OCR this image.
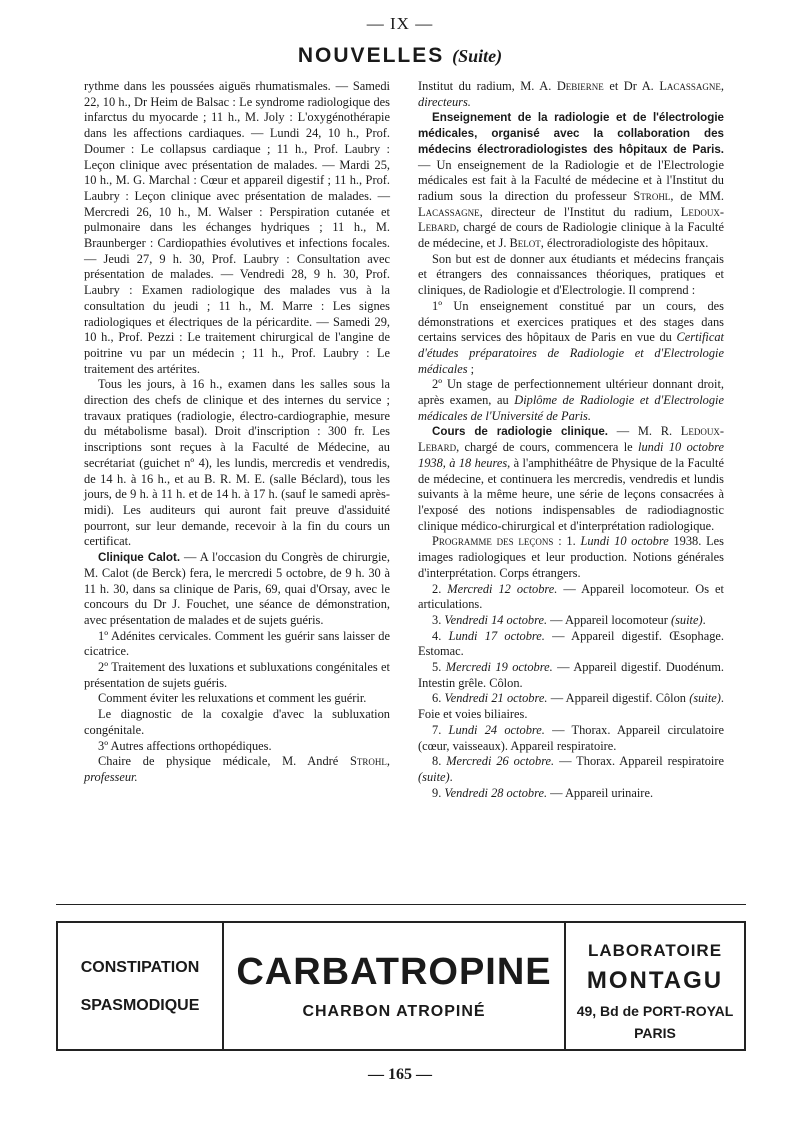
— IX —
NOUVELLES (Suite)

rythme dans les poussées aiguës rhumatismales. — Samedi 22, 10 h., Dr Heim de Balsac : Le syndrome radiologique des infarctus du myocarde ; 11 h., M. Joly : L'oxygénothérapie dans les affections cardiaques. — Lundi 24, 10 h., Prof. Doumer : Le collapsus cardiaque ; 11 h., Prof. Laubry : Leçon clinique avec présentation de malades. — Mardi 25, 10 h., M. G. Marchal : Cœur et appareil digestif ; 11 h., Prof. Laubry : Leçon clinique avec présentation de malades. — Mercredi 26, 10 h., M. Walser : Perspiration cutanée et pulmonaire dans les échanges hydriques ; 11 h., M. Braunberger : Cardiopathies évolutives et infections focales. — Jeudi 27, 9 h. 30, Prof. Laubry : Consultation avec présentation de malades. — Vendredi 28, 9 h. 30, Prof. Laubry : Examen radiologique des malades vus à la consultation du jeudi ; 11 h., M. Marre : Les signes radiologiques et électriques de la péricardite. — Samedi 29, 10 h., Prof. Pezzi : Le traitement chirurgical de l'angine de poitrine vu par un médecin ; 11 h., Prof. Laubry : Le traitement des artérites.

Tous les jours, à 16 h., examen dans les salles sous la direction des chefs de clinique et des internes du service ; travaux pratiques (radiologie, électro-cardiographie, mesure du métabolisme basal). Droit d'inscription : 300 fr. Les inscriptions sont reçues à la Faculté de Médecine, au secrétariat (guichet nº 4), les lundis, mercredis et vendredis, de 14 h. à 16 h., et au B. R. M. E. (salle Béclard), tous les jours, de 9 h. à 11 h. et de 14 h. à 17 h. (sauf le samedi après-midi). Les auditeurs qui auront fait preuve d'assiduité pourront, sur leur demande, recevoir à la fin du cours un certificat.

Clinique Calot. — A l'occasion du Congrès de chirurgie, M. Calot (de Berck) fera, le mercredi 5 octobre, de 9 h. 30 à 11 h. 30, dans sa clinique de Paris, 69, quai d'Orsay, avec le concours du Dr J. Fouchet, une séance de démonstration, avec présentation de malades et de sujets guéris.

1º Adénites cervicales. Comment les guérir sans laisser de cicatrice.

2º Traitement des luxations et subluxations congénitales et présentation de sujets guéris.

Comment éviter les reluxations et comment les guérir.

Le diagnostic de la coxalgie d'avec la subluxation congénitale.

3º Autres affections orthopédiques.

Chaire de physique médicale, M. André Strohl, professeur.

Institut du radium, M. A. Debierne et Dr A. Lacassagne, directeurs.

Enseignement de la radiologie et de l'électrologie médicales, organisé avec la collaboration des médecins électroradiologistes des hôpitaux de Paris. — Un enseignement de la Radiologie et de l'Electrologie médicales est fait à la Faculté de médecine et à l'Institut du radium sous la direction du professeur Strohl, de MM. Lacassagne, directeur de l'Institut du radium, Ledoux-Lebard, chargé de cours de Radiologie clinique à la Faculté de médecine, et J. Belot, électroradiologiste des hôpitaux.

Son but est de donner aux étudiants et médecins français et étrangers des connaissances théoriques, pratiques et cliniques, de Radiologie et d'Electrologie. Il comprend :

1º Un enseignement constitué par un cours, des démonstrations et exercices pratiques et des stages dans certains services des hôpitaux de Paris en vue du Certificat d'études préparatoires de Radiologie et d'Electrologie médicales ;

2º Un stage de perfectionnement ultérieur donnant droit, après examen, au Diplôme de Radiologie et d'Electrologie médicales de l'Université de Paris.

Cours de radiologie clinique. — M. R. Ledoux-Lebard, chargé de cours, commencera le lundi 10 octobre 1938, à 18 heures, à l'amphithéâtre de Physique de la Faculté de médecine, et continuera les mercredis, vendredis et lundis suivants à la même heure, une série de leçons consacrées à l'exposé des notions indispensables de radiodiagnostic clinique médico-chirurgical et d'interprétation radiologique.

Programme des leçons : 1. Lundi 10 octobre 1938. Les images radiologiques et leur production. Notions générales d'interprétation. Corps étrangers.

2. Mercredi 12 octobre. — Appareil locomoteur. Os et articulations.

3. Vendredi 14 octobre. — Appareil locomoteur (suite).

4. Lundi 17 octobre. — Appareil digestif. Œsophage. Estomac.

5. Mercredi 19 octobre. — Appareil digestif. Duodénum. Intestin grêle. Côlon.

6. Vendredi 21 octobre. — Appareil digestif. Côlon (suite). Foie et voies biliaires.

7. Lundi 24 octobre. — Thorax. Appareil circulatoire (cœur, vaisseaux). Appareil respiratoire.

8. Mercredi 26 octobre. — Thorax. Appareil respiratoire (suite).

9. Vendredi 28 octobre. — Appareil urinaire.

CONSTIPATION
SPASMODIQUE
CARBATROPINE
CHARBON ATROPINÉ
LABORATOIRE
MONTAGU
49, Bd de PORT-ROYAL
PARIS
— 165 —
